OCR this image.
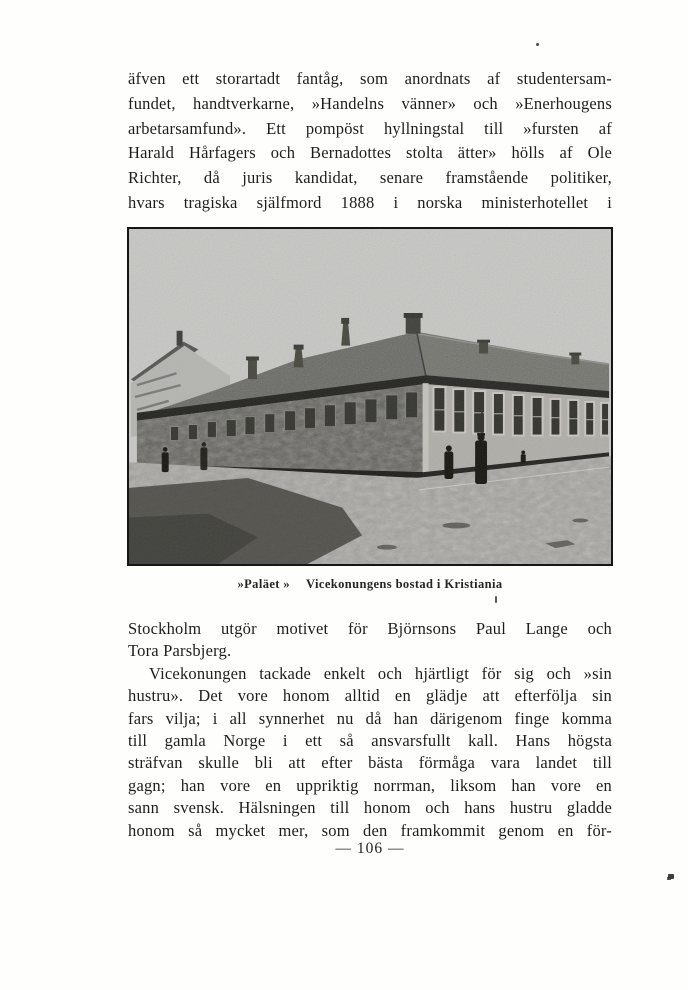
äfven ett storartadt fantåg, som anordnats af studentersam-
fundet, handtverkarne, »Handelns vänner» och »Enerhougens
arbetarsamfund». Ett pompöst hyllningstal till »fursten af
Harald Hårfagers och Bernadottes stolta ätter» hölls af Ole
Richter, då juris kandidat, senare framstående politiker,
hvars tragiska själfmord 1888 i norska ministerhotellet i
»Paläet » Vicekonungens bostad i Kristiania
Stockholm utgör motivet för Björnsons Paul Lange och
Tora Parsbjerg.
Vicekonungen tackade enkelt och hjärtligt för sig och »sin
hustru». Det vore honom alltid en glädje att efterfölja sin
fars vilja; i all synnerhet nu då han därigenom finge komma
till gamla Norge i ett så ansvarsfullt kall. Hans högsta
sträfvan skulle bli att efter bästa förmåga vara landet till
gagn; han vore en uppriktig norrman, liksom han vore en
sann svensk. Hälsningen till honom och hans hustru gladde
honom så mycket mer, som den framkommit genom en för-
— 106 —
